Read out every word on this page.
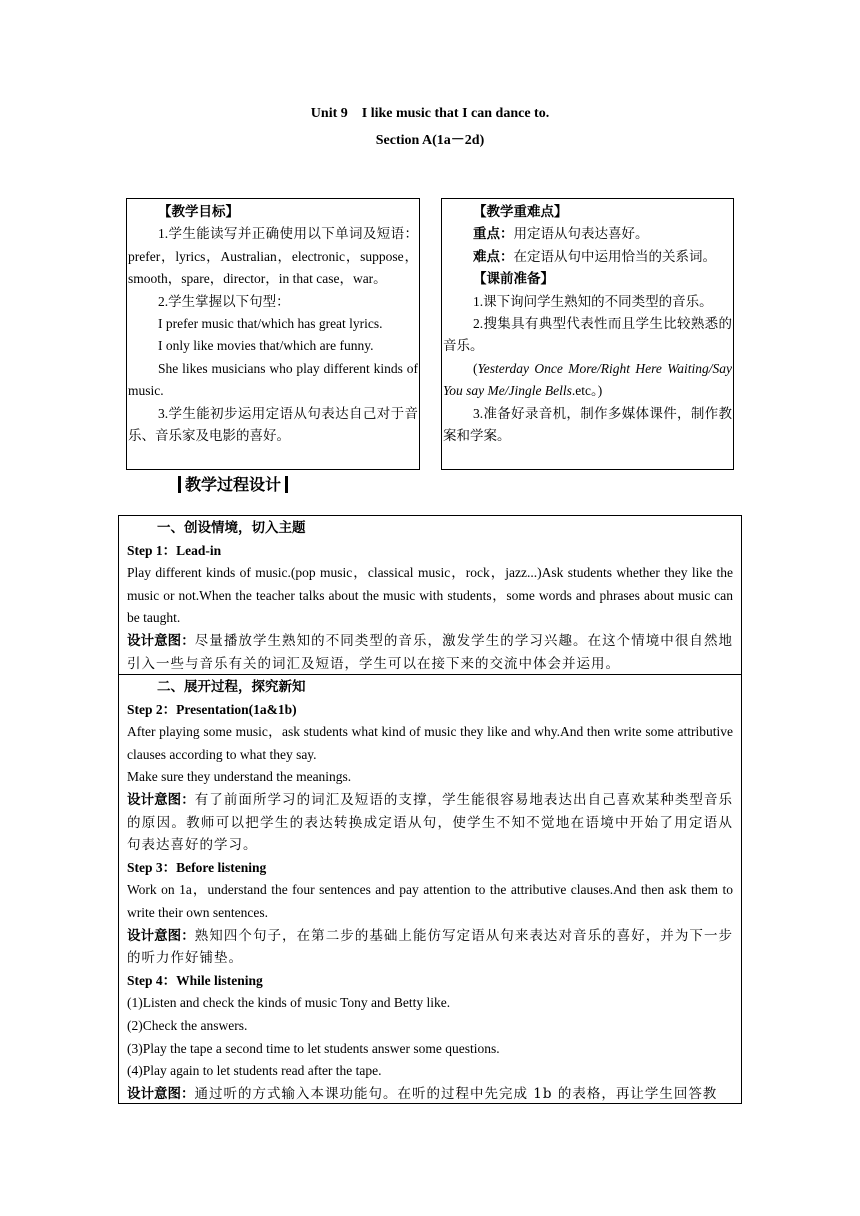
Unit 9    I like music that I can dance to.
Section A(1a－2d)

【教学目标】

1.学生能读写并正确使用以下单词及短语：prefer，lyrics，Australian，electronic，suppose，smooth，spare，director，in that case，war。

2.学生掌握以下句型：

I prefer music that/which has great lyrics.

I only like movies that/which are funny.

She likes musicians who play different kinds of music.

3.学生能初步运用定语从句表达自己对于音乐、音乐家及电影的喜好。

【教学重难点】

重点：用定语从句表达喜好。

难点：在定语从句中运用恰当的关系词。

【课前准备】

1.课下询问学生熟知的不同类型的音乐。

2.搜集具有典型代表性而且学生比较熟悉的音乐。

(Yesterday Once More/Right Here Waiting/Say You say Me/Jingle Bells.etc。)

3.准备好录音机，制作多媒体课件，制作教案和学案。

教学过程设计

一、创设情境，切入主题

Step 1：Lead-in

Play different kinds of music.(pop music，classical music，rock，jazz...)Ask students whether they like the music or not.When the teacher talks about the music with students，some words and phrases about music can be taught.

设计意图：尽量播放学生熟知的不同类型的音乐，激发学生的学习兴趣。在这个情境中很自然地引入一些与音乐有关的词汇及短语，学生可以在接下来的交流中体会并运用。

二、展开过程，探究新知

Step 2：Presentation(1a&1b)

After playing some music，ask students what kind of music they like and why.And then write some attributive clauses according to what they say.

Make sure they understand the meanings.

设计意图：有了前面所学习的词汇及短语的支撑，学生能很容易地表达出自己喜欢某种类型音乐的原因。教师可以把学生的表达转换成定语从句，使学生不知不觉地在语境中开始了用定语从句表达喜好的学习。

Step 3：Before listening

Work on 1a，understand the four sentences and pay attention to the attributive clauses.And then ask them to write their own sentences.

设计意图：熟知四个句子，在第二步的基础上能仿写定语从句来表达对音乐的喜好，并为下一步的听力作好铺垫。

Step 4：While listening

(1)Listen and check the kinds of music Tony and Betty like.

(2)Check the answers.

(3)Play the tape a second time to let students answer some questions.

(4)Play again to let students read after the tape.

设计意图：通过听的方式输入本课功能句。在听的过程中先完成 1b 的表格，再让学生回答教
